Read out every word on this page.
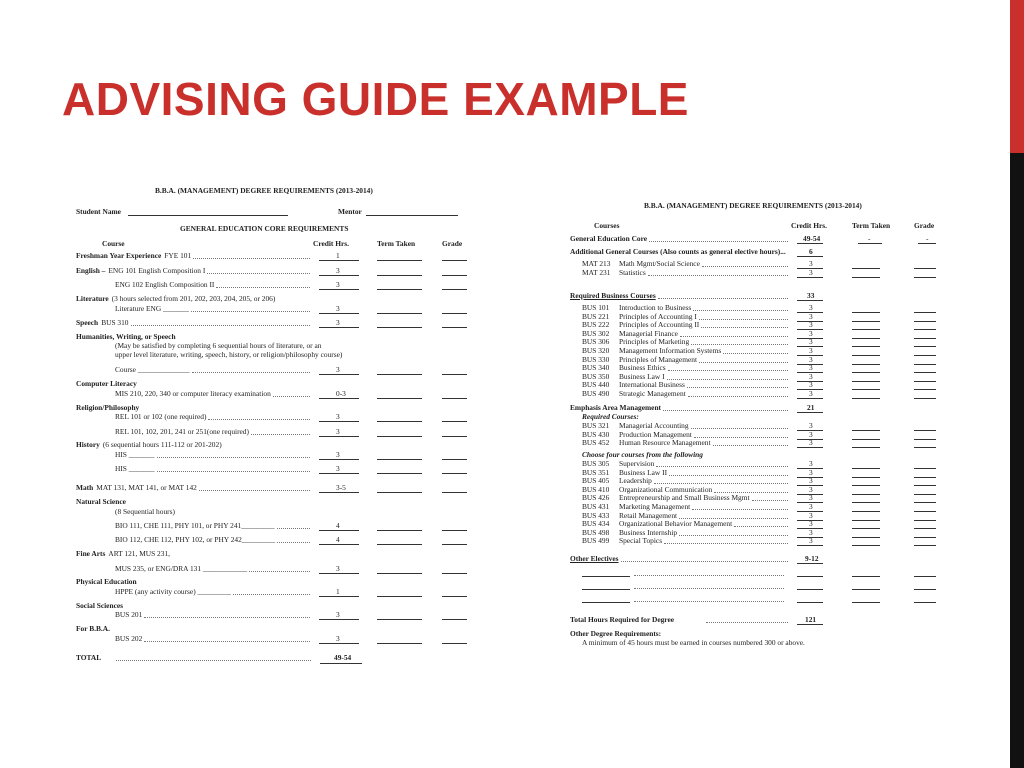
ADVISING GUIDE EXAMPLE
B.B.A. (MANAGEMENT) DEGREE REQUIREMENTS (2013-2014)
Student Name	Mentor
GENERAL EDUCATION CORE REQUIREMENTS
Course	Credit Hrs.	Term Taken	Grade
Freshman Year Experience FYE 101	1
English – ENG 101 English Composition I	3
ENG 102 English Composition II	3
Literature (3 hours selected from 201, 202, 203, 204, 205, or 206)
Literature ENG _______	3
Speech BUS 310	3
Humanities, Writing, or Speech
(May be satisfied by completing 6 sequential hours of literature, or an
upper level literature, writing, speech, history, or religion/philosophy course)
Course ______________	3
Computer Literacy
MIS 210, 220, 340 or computer literacy examination	0-3
Religion/Philosophy
REL 101 or 102 (one required)	3
REL 101, 102, 201, 241 or 251(one required)	3
History (6 sequential hours 111-112 or 201-202)
HIS _______	3
HIS _______	3
Math MAT 131, MAT 141, or MAT 142	3-5
Natural Science
(8 Sequential hours)
BIO 111, CHE 111, PHY 101, or PHY 241_________	4
BIO 112, CHE 112, PHY 102, or PHY 242_________	4
Fine Arts ART 121, MUS 231,
MUS 235, or ENG/DRA 131 ____________	3
Physical Education
HPPE (any activity course) _________	1
Social Sciences
BUS 201	3
For B.B.A.
BUS 202	3
TOTAL	49-54
B.B.A. (MANAGEMENT) DEGREE REQUIREMENTS (2013-2014)
Courses	Credit Hrs.	Term Taken	Grade
General Education Core	49-54	-	-
Additional General Courses (Also counts as general elective hours)...	6
MAT 213 Math Mgmt/Social Science	3
MAT 231 Statistics	3
Required Business Courses	33
BUS 101 Introduction to Business	3
BUS 221 Principles of Accounting I	3
BUS 222 Principles of Accounting II	3
BUS 302 Managerial Finance	3
BUS 306 Principles of Marketing	3
BUS 320 Management Information Systems	3
BUS 330 Principles of Management	3
BUS 340 Business Ethics	3
BUS 350 Business Law I	3
BUS 440 International Business	3
BUS 490 Strategic Management	3
Emphasis Area Management	21
Required Courses:
BUS 321 Managerial Accounting	3
BUS 430 Production Management	3
BUS 452 Human Resource Management	3
Choose four courses from the following
BUS 305 Supervision	3
BUS 351 Business Law II	3
BUS 405 Leadership	3
BUS 410 Organizational Communication	3
BUS 426 Entrepreneurship and Small Business Mgmt	3
BUS 431 Marketing Management	3
BUS 433 Retail Management	3
BUS 434 Organizational Behavior Management	3
BUS 498 Business Internship	3
BUS 499 Special Topics	3
Other Electives	9-12
Total Hours Required for Degree	121
Other Degree Requirements:
A minimum of 45 hours must be earned in courses numbered 300 or above.
